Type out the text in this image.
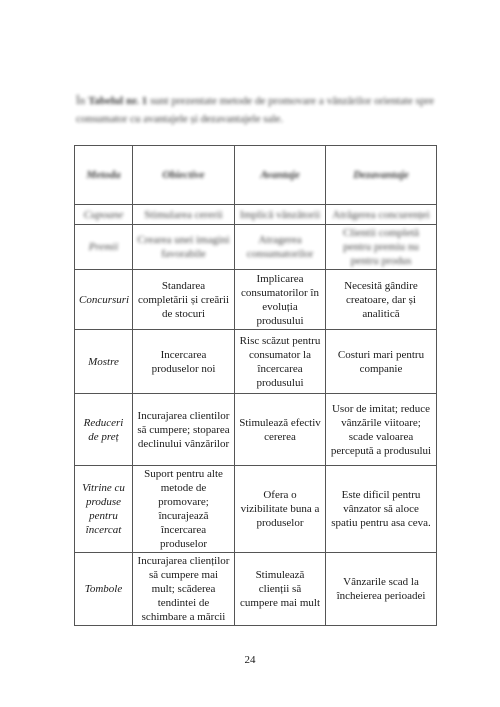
În Tabelul nr. 1 sunt prezentate metode de promovare a vânzărilor orientate spre consumator cu avantajele și dezavantajele sale.
Metoda	Obiective	Avantaje	Dezavantaje

Cupoane	Stimularea cererii	Implică vânzătorii	Atrăgerea concurenței

Premii	Crearea unei imagini favorabile	Atragerea consumatorilor	Clientii completă pentru premiu nu pentru produs

Concursuri	Standarea completării și creării de stocuri	Implicarea consumatorilor în evoluția produsului	Necesită gândire creatoare, dar și analitică
Mostre	Incercarea produselor noi	Risc scăzut pentru consumator la încercarea produsului	Costuri mari pentru companie
Reduceri de preț	Incurajarea clientilor să cumpere; stoparea declinului vânzărilor	Stimulează efectiv cererea	Usor de imitat; reduce vânzările viitoare; scade valoarea percepută a produsului
Vitrine cu produse pentru încercat	Suport pentru alte metode de promovare; încurajează încercarea produselor	Ofera o vizibilitate buna a produselor	Este dificil pentru vânzator să aloce spatiu pentru asa ceva.
Tombole	Incurajarea clienților să cumpere mai mult; scăderea tendintei de schimbare a mărcii	Stimulează clienții să cumpere mai mult	Vânzarile scad la încheierea perioadei
24
